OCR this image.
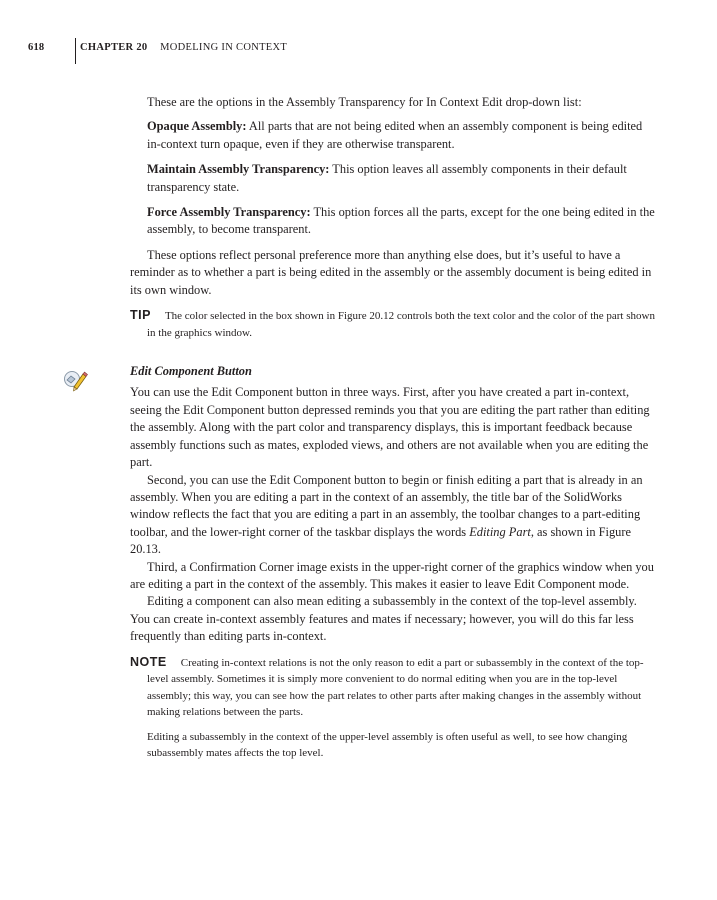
618	CHAPTER 20 MODELING IN CONTEXT

These are the options in the Assembly Transparency for In Context Edit drop-down list:

Opaque Assembly: All parts that are not being edited when an assembly component is being edited in-context turn opaque, even if they are otherwise transparent.

Maintain Assembly Transparency: This option leaves all assembly components in their default transparency state.

Force Assembly Transparency: This option forces all the parts, except for the one being edited in the assembly, to become transparent.

These options reflect personal preference more than anything else does, but it’s useful to have a reminder as to whether a part is being edited in the assembly or the assembly document is being edited in its own window.

TIP The color selected in the box shown in Figure 20.12 controls both the text color and the color of the part shown in the graphics window.

Edit Component Button

You can use the Edit Component button in three ways. First, after you have created a part in-context, seeing the Edit Component button depressed reminds you that you are editing the part rather than editing the assembly. Along with the part color and transparency displays, this is important feedback because assembly functions such as mates, exploded views, and others are not available when you are editing the part.

Second, you can use the Edit Component button to begin or finish editing a part that is already in an assembly. When you are editing a part in the context of an assembly, the title bar of the SolidWorks window reflects the fact that you are editing a part in an assembly, the toolbar changes to a part-editing toolbar, and the lower-right corner of the taskbar displays the words Editing Part, as shown in Figure 20.13.

Third, a Confirmation Corner image exists in the upper-right corner of the graphics window when you are editing a part in the context of the assembly. This makes it easier to leave Edit Component mode.

Editing a component can also mean editing a subassembly in the context of the top-level assembly. You can create in-context assembly features and mates if necessary; however, you will do this far less frequently than editing parts in-context.

NOTE Creating in-context relations is not the only reason to edit a part or subassembly in the context of the top-level assembly. Sometimes it is simply more convenient to do normal editing when you are in the top-level assembly; this way, you can see how the part relates to other parts after making changes in the assembly without making relations between the parts.

Editing a subassembly in the context of the upper-level assembly is often useful as well, to see how changing subassembly mates affects the top level.
